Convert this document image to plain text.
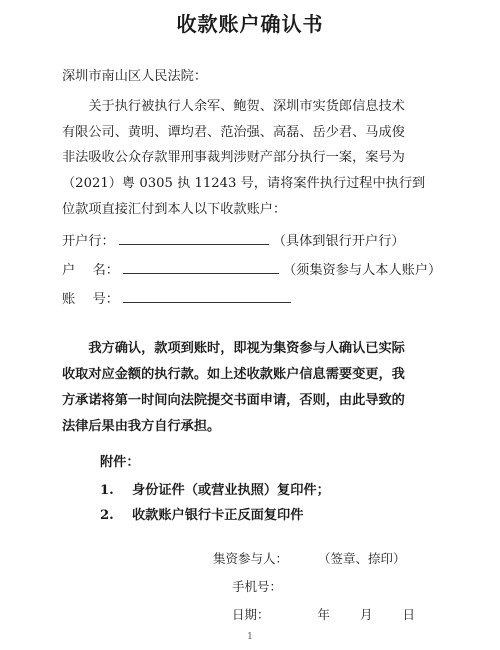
收款账户确认书
深圳市南山区人民法院：
　　关于执行被执行人余军、鲍贺、深圳市实货郎信息技术
有限公司、黄明、谭均君、范治强、高磊、岳少君、马成俊
非法吸收公众存款罪刑事裁判涉财产部分执行一案，案号为
（2021）粤 0305 执 11243 号，请将案件执行过程中执行到
位款项直接汇付到本人以下收款账户：
开户行：	（具体到银行开户行）
户　 名：	（须集资参与人本人账户）
账　 号：
　　我方确认，款项到账时，即视为集资参与人确认已实际
收取对应金额的执行款。如上述收款账户信息需要变更，我
方承诺将第一时间向法院提交书面申请，否则，由此导致的
法律后果由我方自行承担。
附件：
1. 身份证件（或营业执照）复印件；
2. 收款账户银行卡正反面复印件
集资参与人： （签章、捺印）
手机号：
日期：	年 月 日
1
